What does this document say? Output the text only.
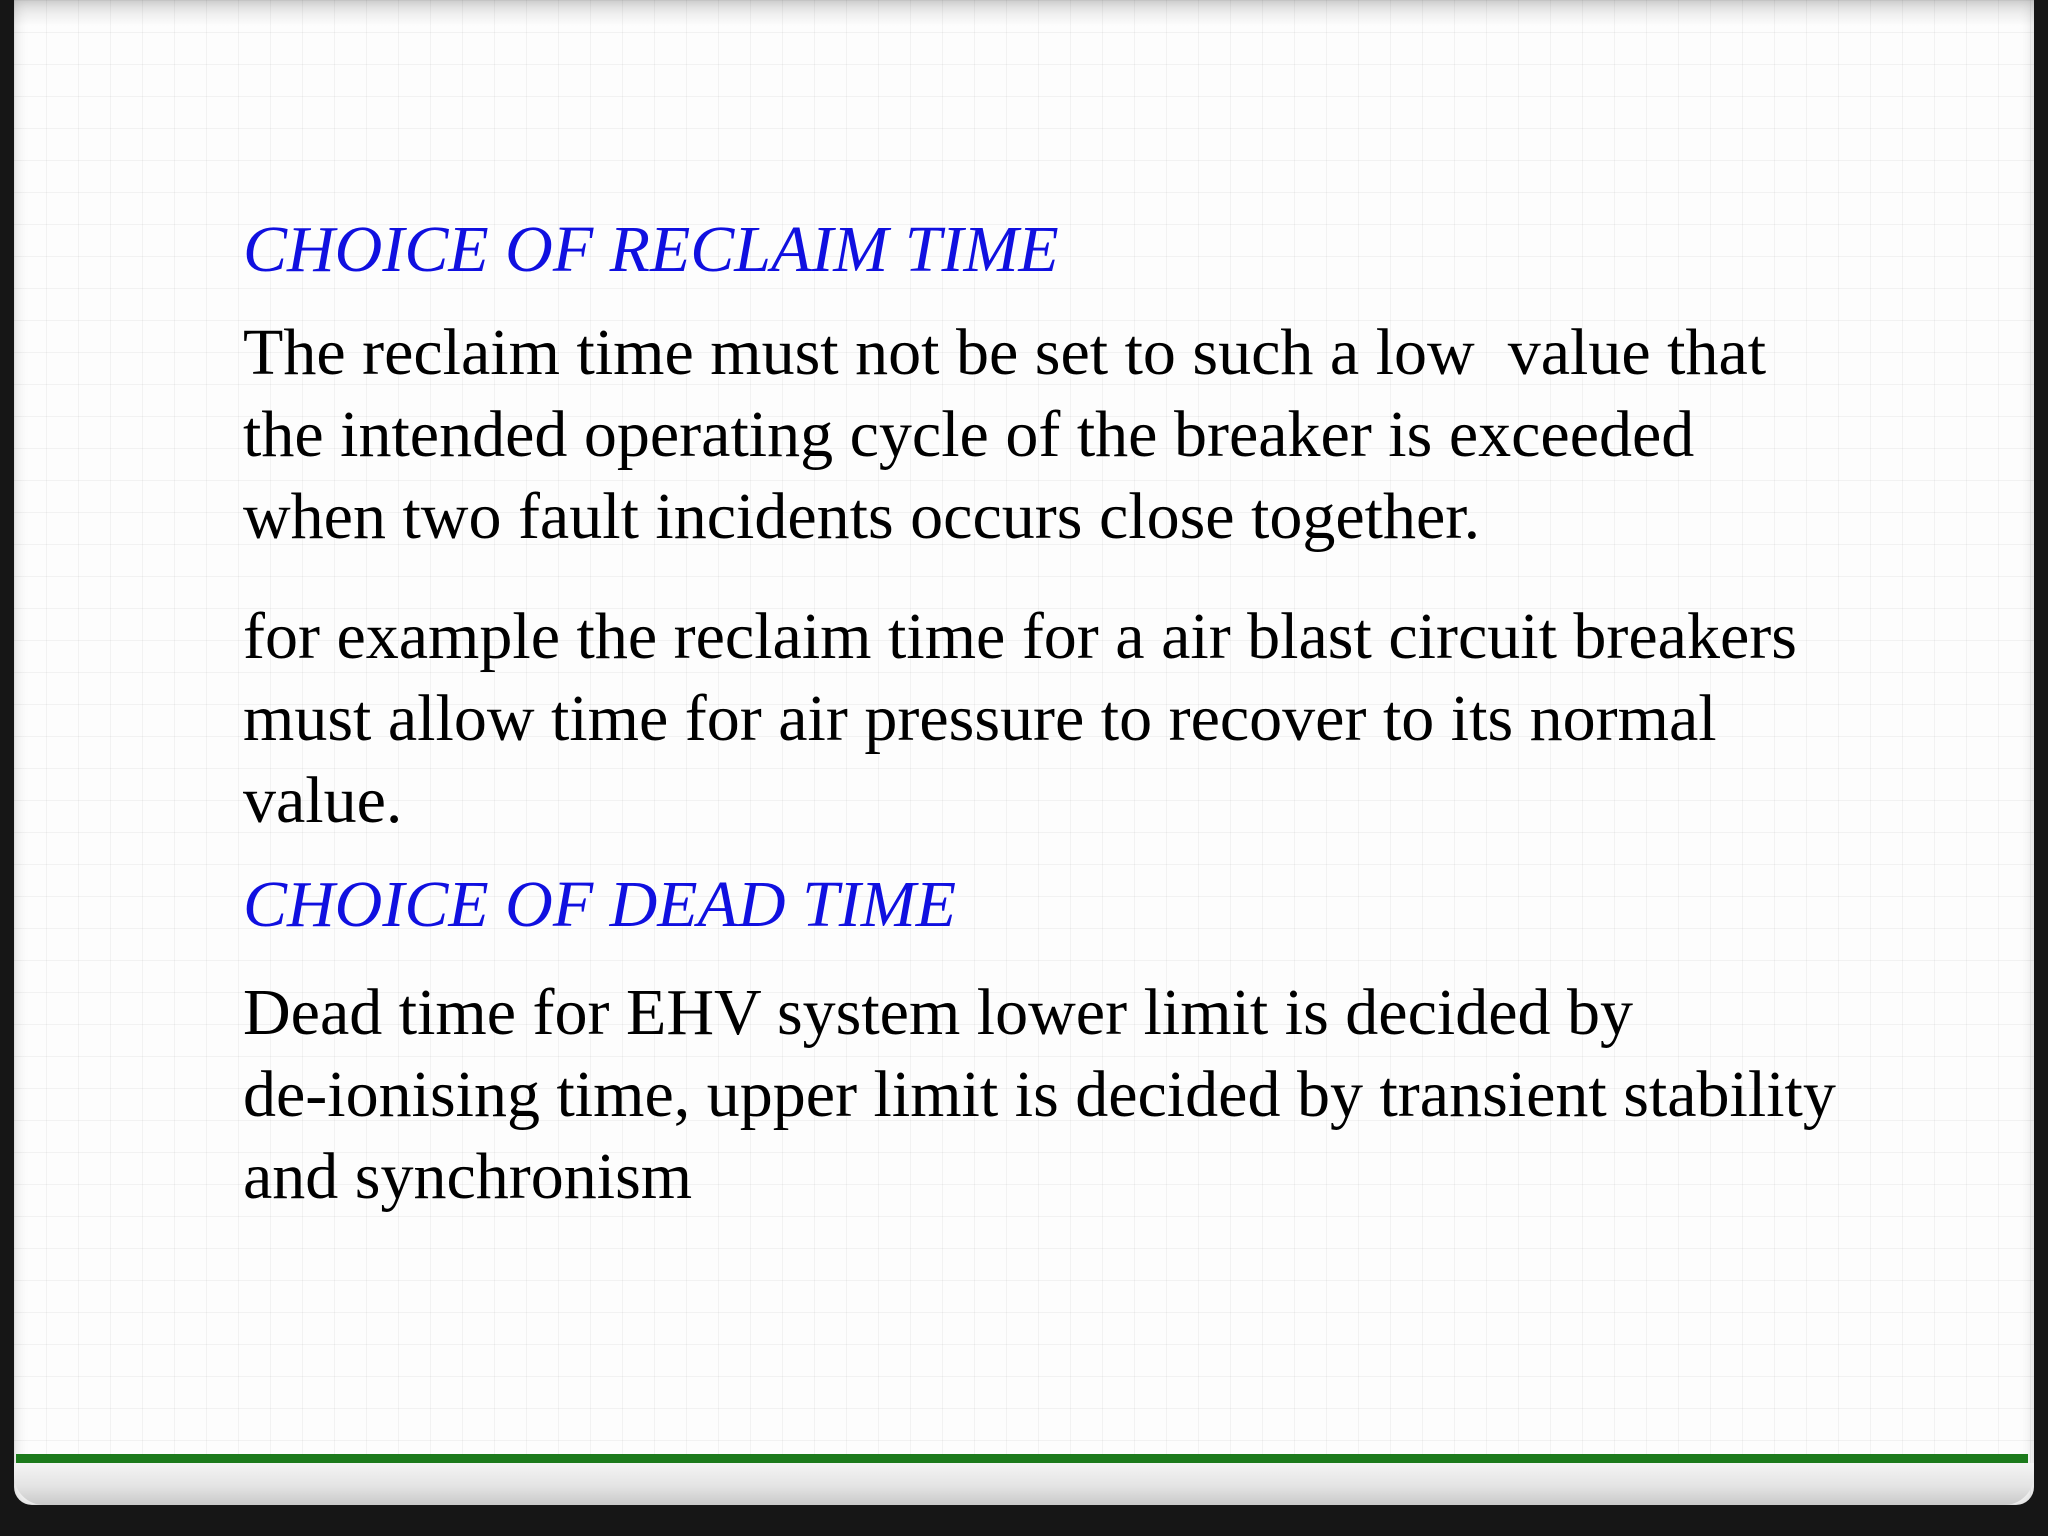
CHOICE OF RECLAIM TIME

The reclaim time must not be set to such a low  value that
the intended operating cycle of the breaker is exceeded
when two fault incidents occurs close together.

for example the reclaim time for a air blast circuit breakers
must allow time for air pressure to recover to its normal
value.

CHOICE OF DEAD TIME

Dead time for EHV system lower limit is decided by
de-ionising time, upper limit is decided by transient stability
and synchronism
